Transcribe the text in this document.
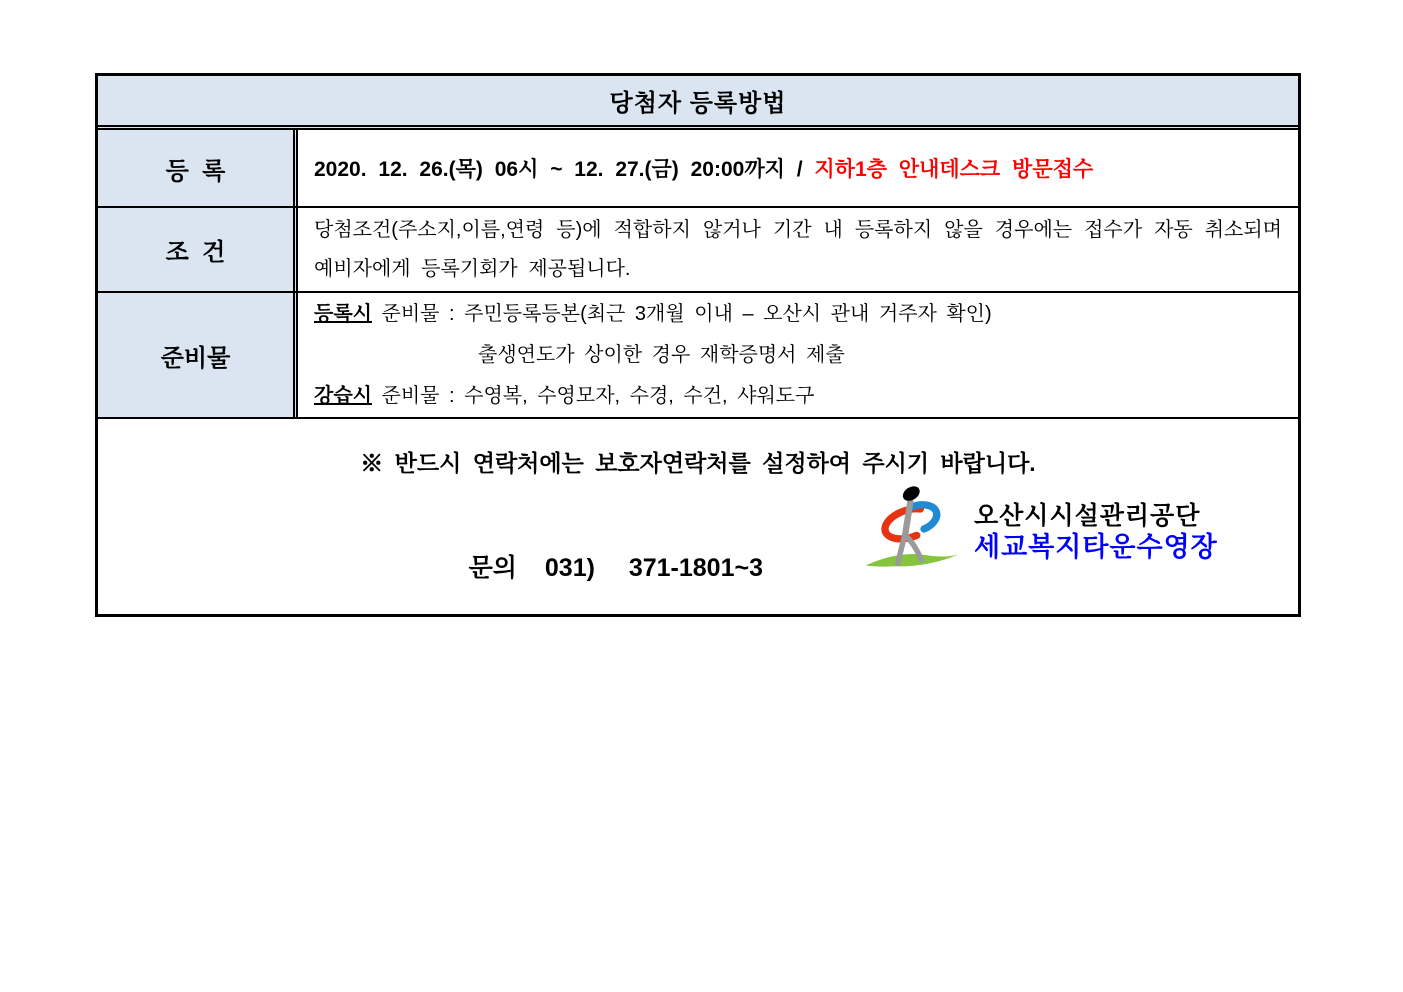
당첨자 등록방법
등  록	2020. 12. 26.(목) 06시 ~ 12. 27.(금) 20:00까지 / 지하1층 안내데스크 방문접수
조  건
당첨조건(주소지,이름,연령 등)에 적합하지 않거나 기간 내 등록하지 않을 경우에는 접수가 자동 취소되며 예비자에게 등록기회가 제공됩니다.
준비물
등록시 준비물 : 주민등록등본(최근 3개월 이내 – 오산시 관내 거주자 확인)
출생연도가 상이한 경우 재학증명서 제출
강습시 준비물 : 수영복, 수영모자, 수경, 수건, 샤워도구
※ 반드시 연락처에는 보호자연락처를 설정하여 주시기 바랍니다.

문의 031)  371-1801~3

오산시시설관리공단
세교복지타운수영장
